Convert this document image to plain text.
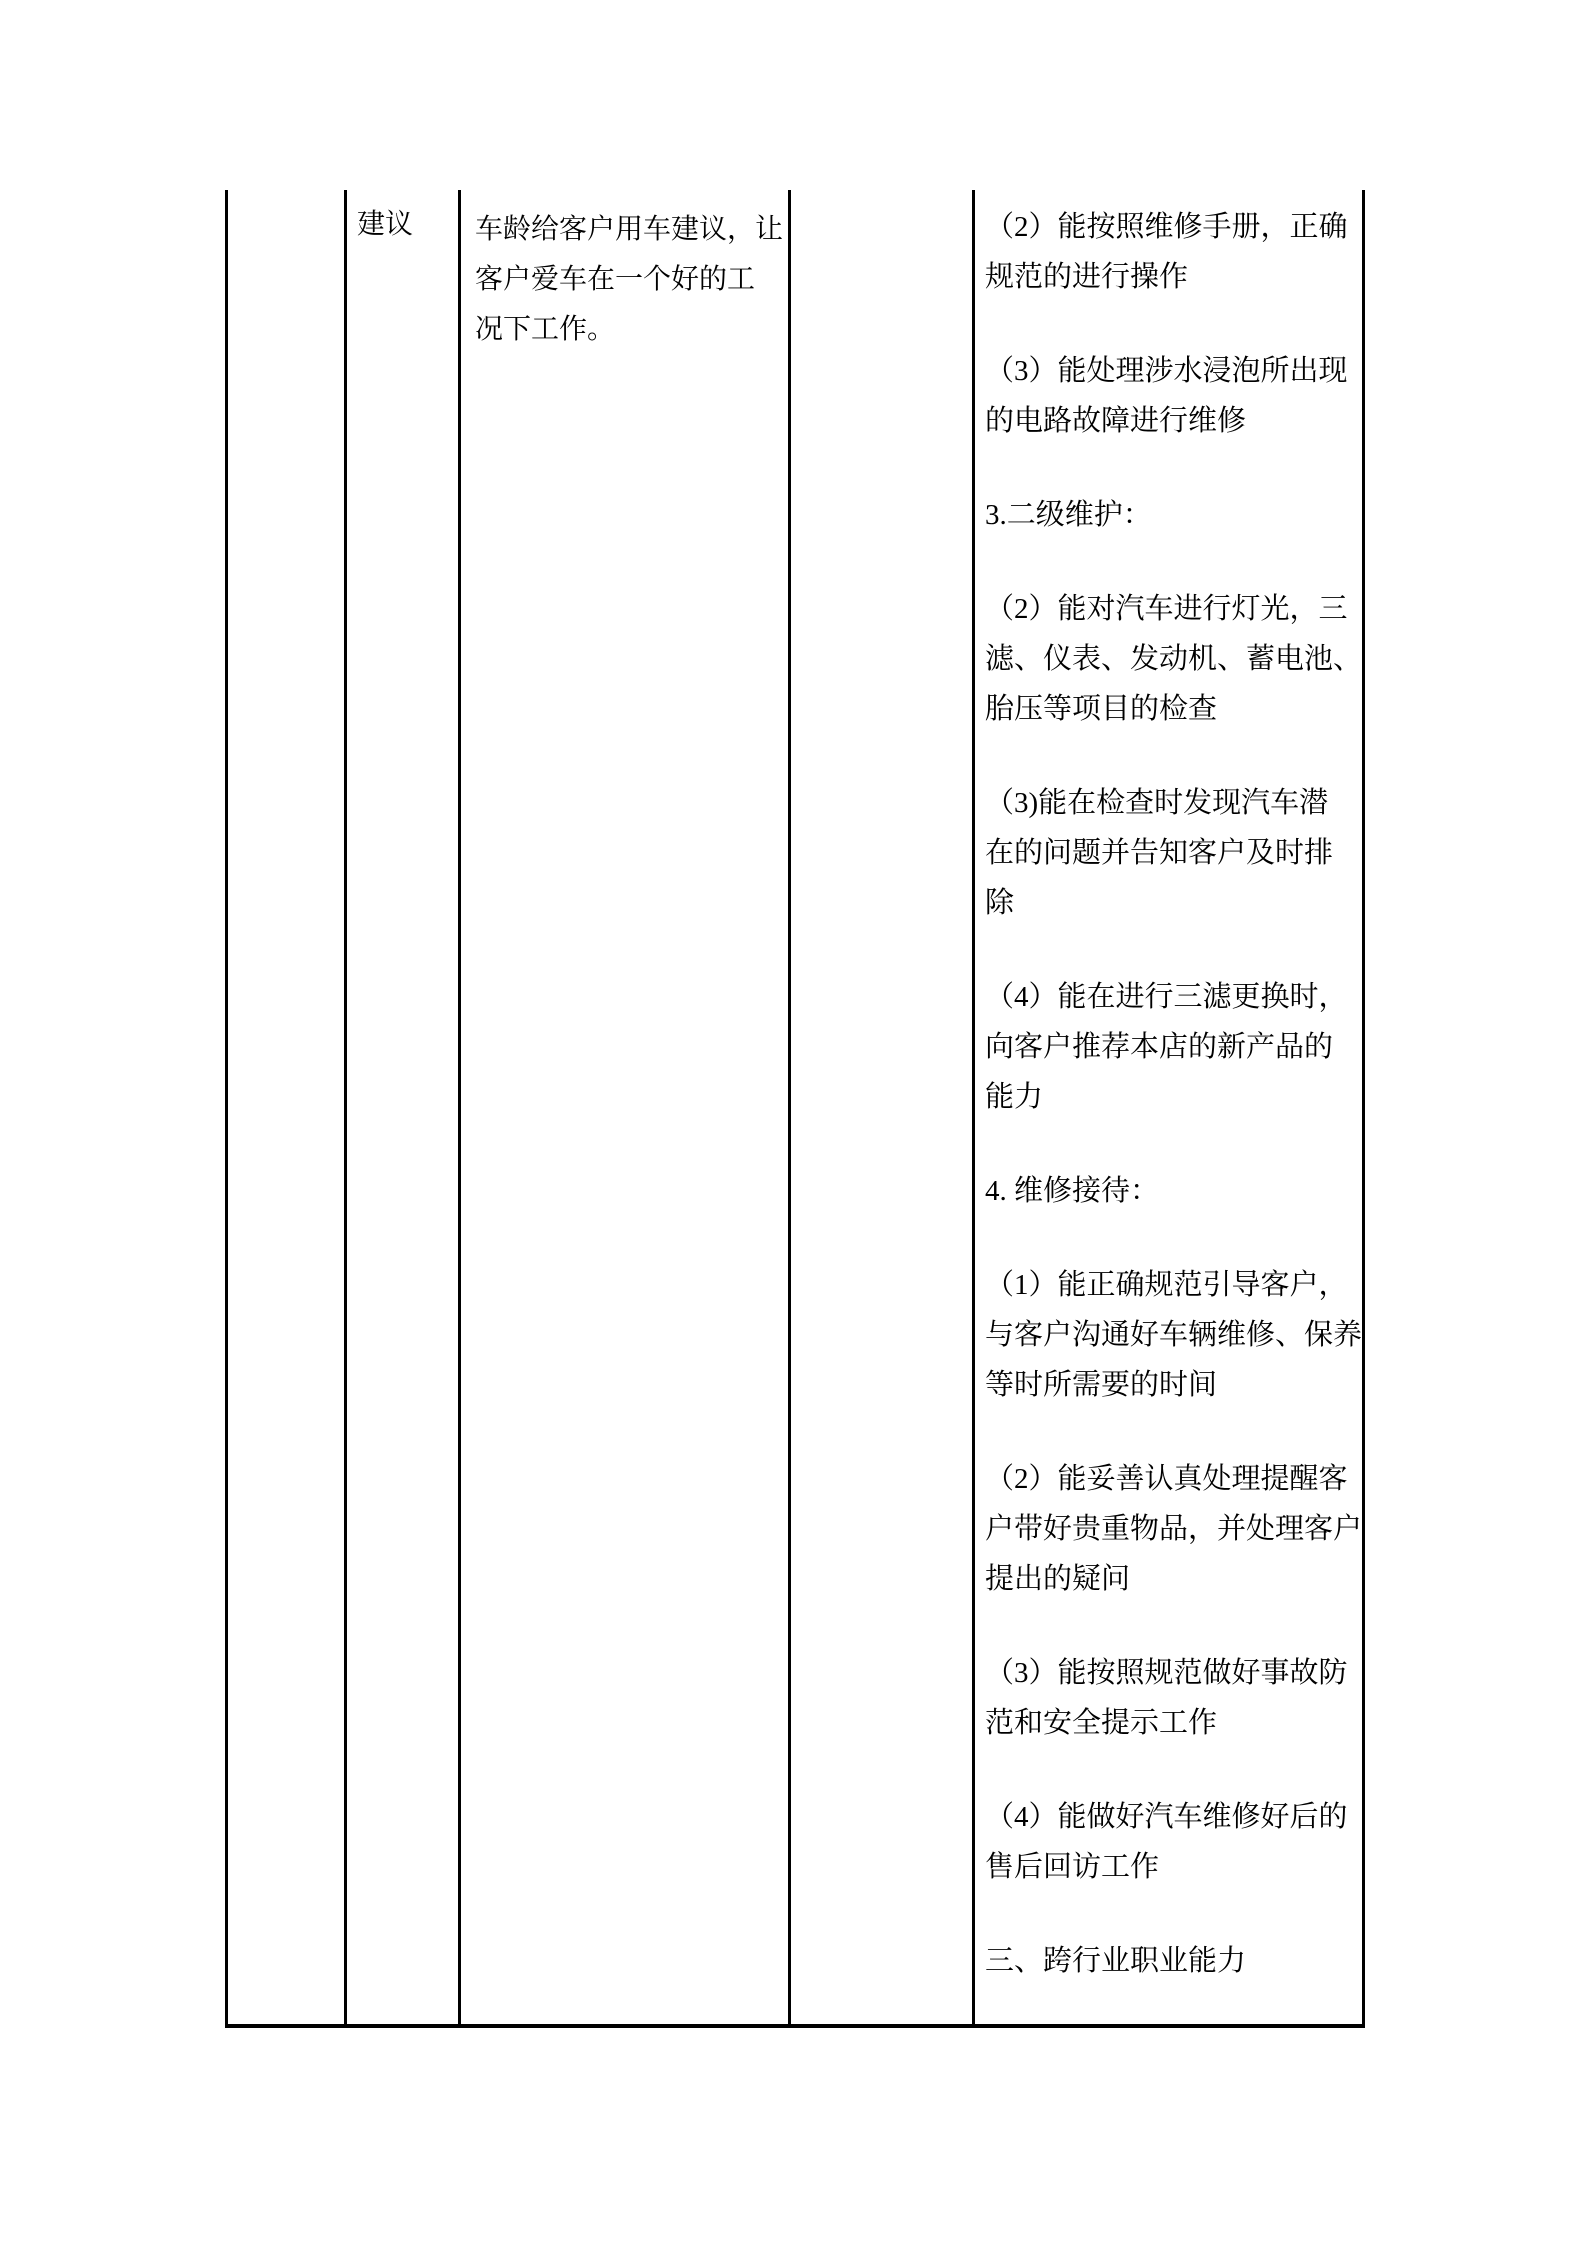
建议	车龄给客户用车建议，让
客户爱车在一个好的工
况下工作。

（2）能按照维修手册，正确
规范的进行操作

（3）能处理涉水浸泡所出现
的电路故障进行维修

3.二级维护：

（2）能对汽车进行灯光，三
滤、仪表、发动机、蓄电池、
胎压等项目的检查

（3)能在检查时发现汽车潜
在的问题并告知客户及时排
除

（4）能在进行三滤更换时，
向客户推荐本店的新产品的
能力

4. 维修接待：

（1）能正确规范引导客户，
与客户沟通好车辆维修、保养
等时所需要的时间

（2）能妥善认真处理提醒客
户带好贵重物品，并处理客户
提出的疑问

（3）能按照规范做好事故防
范和安全提示工作

（4）能做好汽车维修好后的
售后回访工作

三、跨行业职业能力
